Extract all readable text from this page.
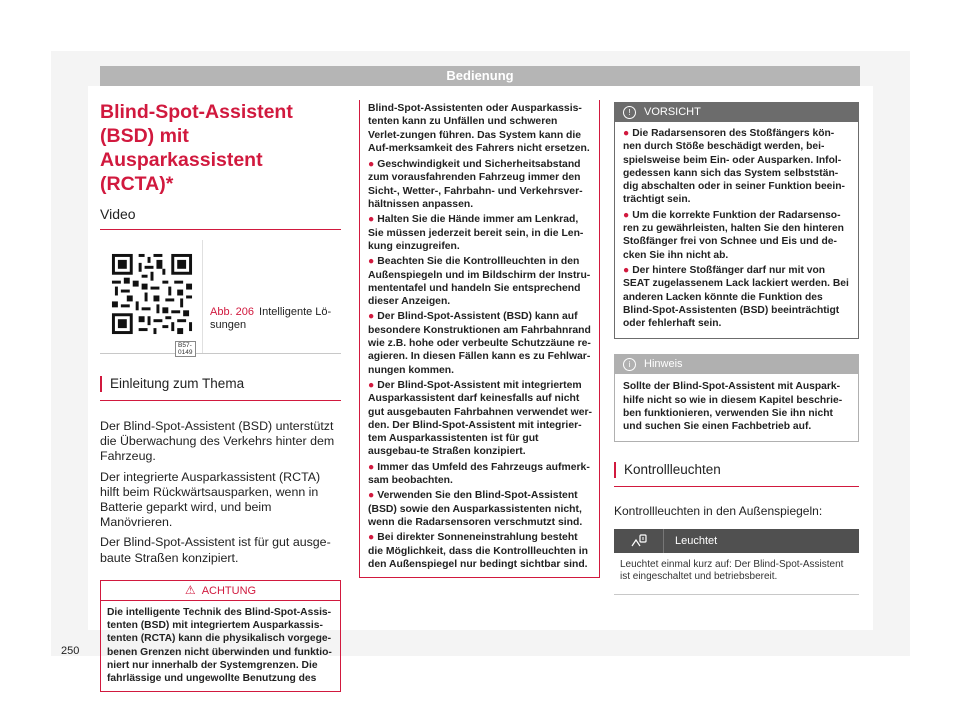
Bedienung
Blind-Spot-Assistent (BSD) mit
Ausparkassistent (RCTA)*
Video
B57-0149
Abb. 206 Intelligente Lö-
sungen
Einleitung zum Thema

Der Blind-Spot-Assistent (BSD) unterstützt die Überwachung des Verkehrs hinter dem Fahrzeug.

Der integrierte Ausparkassistent (RCTA) hilft beim Rückwärtsausparken, wenn in Batterie geparkt wird, und beim Manövrieren.

Der Blind-Spot-Assistent ist für gut ausge-baute Straßen konzipiert.

⚠ ACHTUNG
Die intelligente Technik des Blind-Spot-Assis-tenten (BSD) mit integriertem Ausparkassis-tenten (RCTA) kann die physikalisch vorgege-benen Grenzen nicht überwinden und funktio-niert nur innerhalb der Systemgrenzen. Die fahrlässige und ungewollte Benutzung des
Blind-Spot-Assistenten oder Ausparkassis-tenten kann zu Unfällen und schweren Verlet-zungen führen. Das System kann die Auf-merksamkeit des Fahrers nicht ersetzen.
● Geschwindigkeit und Sicherheitsabstand zum vorausfahrenden Fahrzeug immer den Sicht-, Wetter-, Fahrbahn- und Verkehrsver-hältnissen anpassen.
● Halten Sie die Hände immer am Lenkrad, Sie müssen jederzeit bereit sein, in die Len-kung einzugreifen.
● Beachten Sie die Kontrollleuchten in den Außenspiegeln und im Bildschirm der Instru-mententafel und handeln Sie entsprechend dieser Anzeigen.
● Der Blind-Spot-Assistent (BSD) kann auf besondere Konstruktionen am Fahrbahnrand wie z.B. hohe oder verbeulte Schutzzäune re-agieren. In diesen Fällen kann es zu Fehlwar-nungen kommen.
● Der Blind-Spot-Assistent mit integriertem Ausparkassistent darf keinesfalls auf nicht gut ausgebauten Fahrbahnen verwendet wer-den. Der Blind-Spot-Assistent mit integrier-tem Ausparkassistenten ist für gut ausgebau-te Straßen konzipiert.
● Immer das Umfeld des Fahrzeugs aufmerk-sam beobachten.
● Verwenden Sie den Blind-Spot-Assistent (BSD) sowie den Ausparkassistenten nicht, wenn die Radarsensoren verschmutzt sind.
● Bei direkter Sonneneinstrahlung besteht die Möglichkeit, dass die Kontrollleuchten in den Außenspiegel nur bedingt sichtbar sind.
! VORSICHT
● Die Radarsensoren des Stoßfängers kön-nen durch Stöße beschädigt werden, bei-spielsweise beim Ein- oder Ausparken. Infol-gedessen kann sich das System selbststän-dig abschalten oder in seiner Funktion beein-trächtigt sein.
● Um die korrekte Funktion der Radarsenso-ren zu gewährleisten, halten Sie den hinteren Stoßfänger frei von Schnee und Eis und de-cken Sie ihn nicht ab.
● Der hintere Stoßfänger darf nur mit von SEAT zugelassenem Lack lackiert werden. Bei anderen Lacken könnte die Funktion des Blind-Spot-Assistenten (BSD) beeinträchtigt oder fehlerhaft sein.
i Hinweis
Sollte der Blind-Spot-Assistent mit Auspark-hilfe nicht so wie in diesem Kapitel beschrie-ben funktionieren, verwenden Sie ihn nicht und suchen Sie einen Fachbetrieb auf.
Kontrollleuchten
Kontrollleuchten in den Außenspiegeln:
Leuchtet
Leuchtet einmal kurz auf: Der Blind-Spot-Assistent ist eingeschaltet und betriebsbereit.
250
